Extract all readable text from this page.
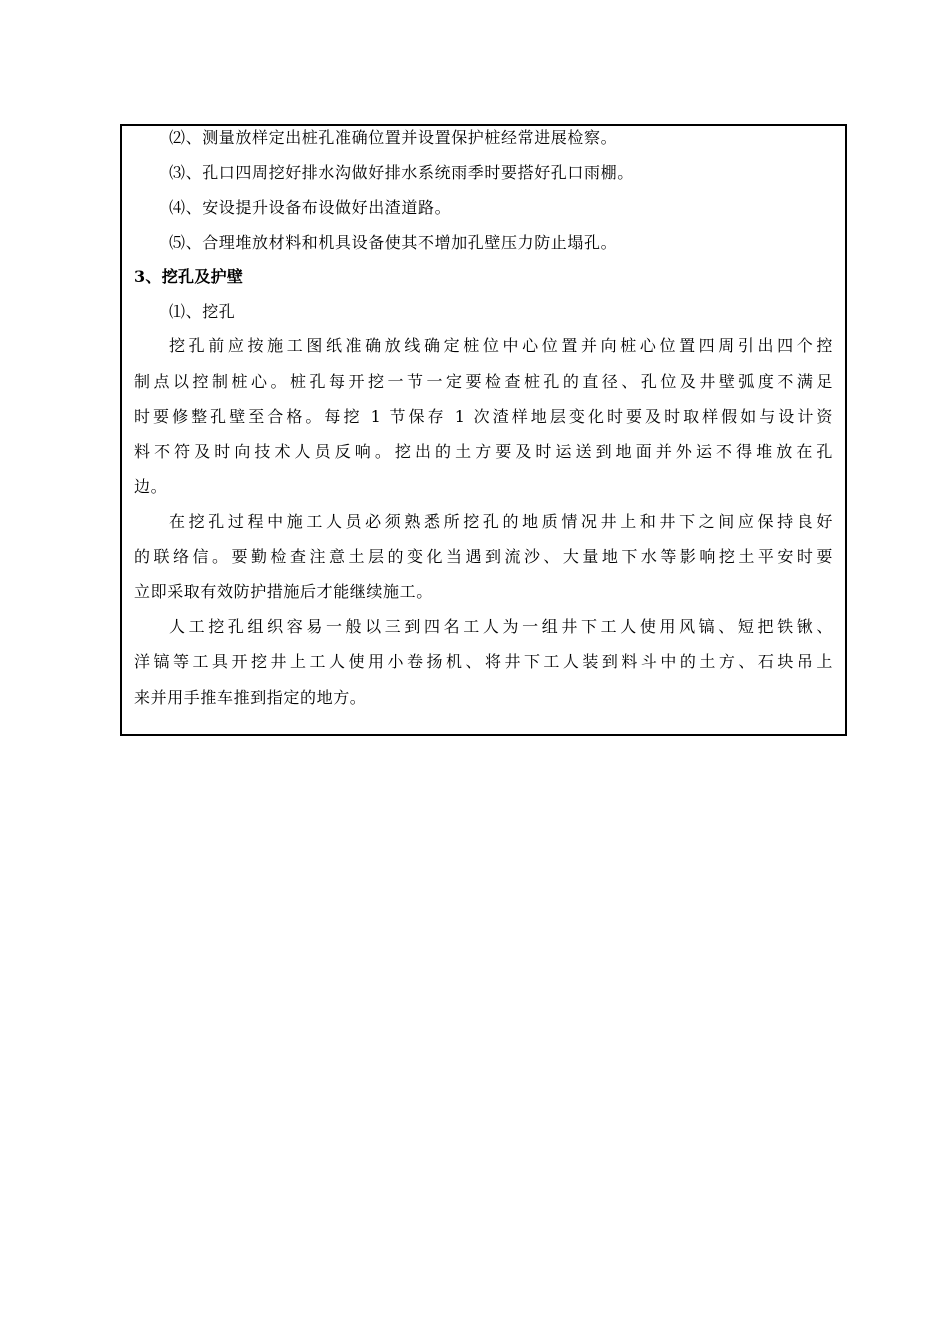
⑵、测量放样定出桩孔准确位置并设置保护桩经常进展检察。
⑶、孔口四周挖好排水沟做好排水系统雨季时要搭好孔口雨棚。
⑷、安设提升设备布设做好出渣道路。
⑸、合理堆放材料和机具设备使其不增加孔壁压力防止塌孔。
3、挖孔及护壁
⑴、挖孔
挖孔前应按施工图纸准确放线确定桩位中心位置并向桩心位置四周引出四个控
制点以控制桩心。桩孔每开挖一节一定要检查桩孔的直径、孔位及井壁弧度不满足
时要修整孔壁至合格。每挖 1 节保存 1 次渣样地层变化时要及时取样假如与设计资
料不符及时向技术人员反响。挖出的土方要及时运送到地面并外运不得堆放在孔
边。
在挖孔过程中施工人员必须熟悉所挖孔的地质情况井上和井下之间应保持良好
的联络信。要勤检查注意土层的变化当遇到流沙、大量地下水等影响挖土平安时要
立即采取有效防护措施后才能继续施工。
人工挖孔组织容易一般以三到四名工人为一组井下工人使用风镐、短把铁锹、
洋镐等工具开挖井上工人使用小卷扬机、将井下工人装到料斗中的土方、石块吊上
来并用手推车推到指定的地方。
